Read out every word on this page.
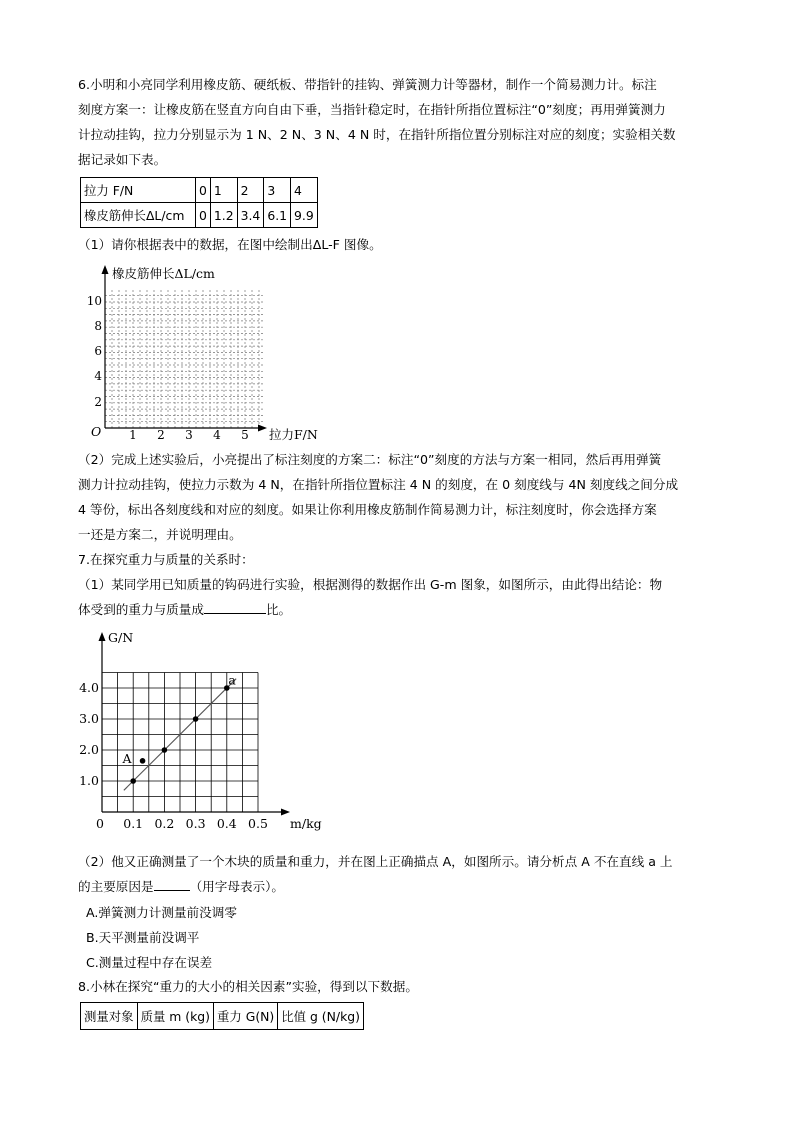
6.小明和小亮同学利用橡皮筋、硬纸板、带指针的挂钩、弹簧测力计等器材，制作一个简易测力计。标注
刻度方案一：让橡皮筋在竖直方向自由下垂，当指针稳定时，在指针所指位置标注“0”刻度；再用弹簧测力
计拉动挂钩，拉力分别显示为 1 N、2 N、3 N、4 N 时，在指针所指位置分别标注对应的刻度；实验相关数
据记录如下表。
拉力 F/N	0	1	2	3	4
橡皮筋伸长ΔL/cm	0	1.2	3.4	6.1	9.9
（1）请你根据表中的数据，在图中绘制出ΔL-F 图像。
橡皮筋伸长ΔL/cm
拉力F/N
O 1 2 3 4 5
2
4
6
8
10
（2）完成上述实验后，小亮提出了标注刻度的方案二：标注“0”刻度的方法与方案一相同，然后再用弹簧
测力计拉动挂钩，使拉力示数为 4 N，在指针所指位置标注 4 N 的刻度，在 0 刻度线与 4N 刻度线之间分成
4 等份，标出各刻度线和对应的刻度。如果让你利用橡皮筋制作简易测力计，标注刻度时，你会选择方案
一还是方案二，并说明理由。
7.在探究重力与质量的关系时：
（1）某同学用已知质量的钩码进行实验，根据测得的数据作出 G-m 图象，如图所示，由此得出结论：物
体受到的重力与质量成	比。
G/N
m/kg
0 0.1 0.2 0.3 0.4 0.5
1.0
2.0
3.0
4.0
a
A
（2）他又正确测量了一个木块的质量和重力，并在图上正确描点 A，如图所示。请分析点 A 不在直线 a 上
的主要原因是	（用字母表示）。
A.弹簧测力计测量前没调零
B.天平测量前没调平
C.测量过程中存在误差
8.小林在探究“重力的大小的相关因素”实验，得到以下数据。
测量对象	质量 m (kg)	重力 G(N)	比值 g (N/kg)
